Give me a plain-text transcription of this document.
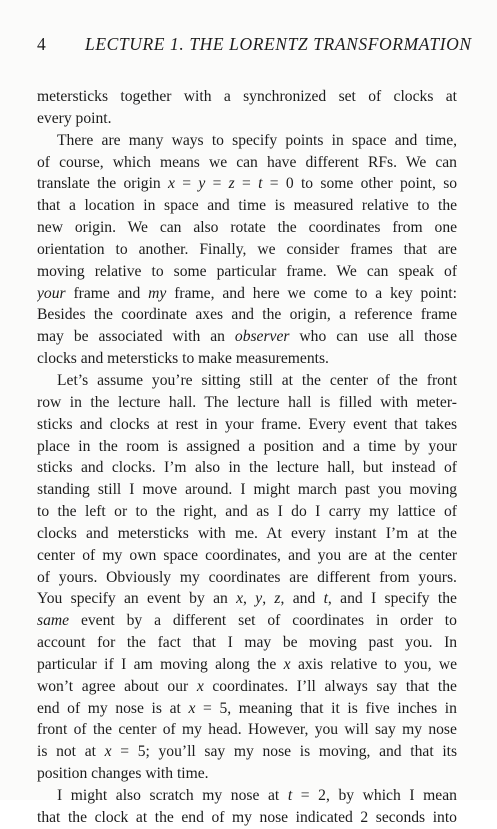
4 LECTURE 1. THE LORENTZ TRANSFORMATION
metersticks together with a synchronized set of clocks at
every point.
There are many ways to specify points in space and time,
of course, which means we can have different RFs. We can
translate the origin x = y = z = t = 0 to some other point, so
that a location in space and time is measured relative to the
new origin. We can also rotate the coordinates from one
orientation to another. Finally, we consider frames that are
moving relative to some particular frame. We can speak of
your frame and my frame, and here we come to a key point:
Besides the coordinate axes and the origin, a reference frame
may be associated with an observer who can use all those
clocks and metersticks to make measurements.
Let’s assume you’re sitting still at the center of the front
row in the lecture hall. The lecture hall is filled with meter-
sticks and clocks at rest in your frame. Every event that takes
place in the room is assigned a position and a time by your
sticks and clocks. I’m also in the lecture hall, but instead of
standing still I move around. I might march past you moving
to the left or to the right, and as I do I carry my lattice of
clocks and metersticks with me. At every instant I’m at the
center of my own space coordinates, and you are at the center
of yours. Obviously my coordinates are different from yours.
You specify an event by an x, y, z, and t, and I specify the
same event by a different set of coordinates in order to
account for the fact that I may be moving past you. In
particular if I am moving along the x axis relative to you, we
won’t agree about our x coordinates. I’ll always say that the
end of my nose is at x = 5, meaning that it is five inches in
front of the center of my head. However, you will say my nose
is not at x = 5; you’ll say my nose is moving, and that its
position changes with time.
I might also scratch my nose at t = 2, by which I mean
that the clock at the end of my nose indicated 2 seconds into
